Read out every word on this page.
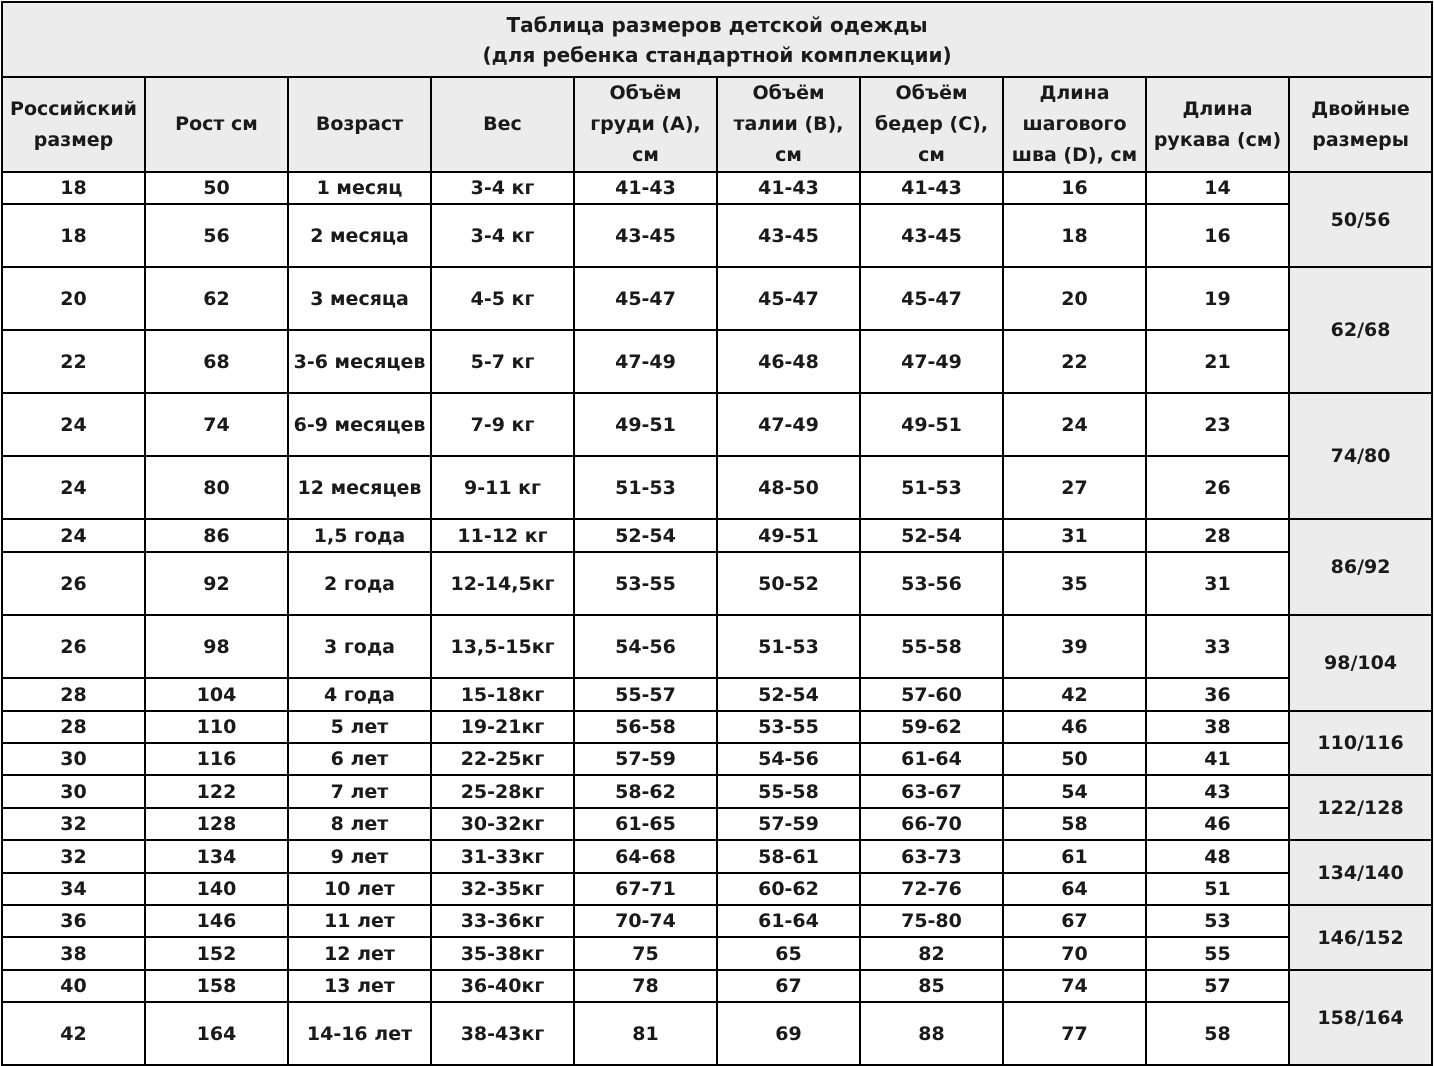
Таблица размеров детской одежды
(для ребенка стандартной комплекции)									

Российский размер	Рост см	Возраст	Вес	Объём груди (А), см	Объём талии (B), см	Объём бедер (С), см	Длина шагового шва (D), см	Длина рукава (см)	Двойные размеры
18	50	1 месяц	3-4 кг	41-43	41-43	41-43	16	14	50/56
18	56	2 месяца	3-4 кг	43-45	43-45	43-45	18	16	
20	62	3 месяца	4-5 кг	45-47	45-47	45-47	20	19	62/68
22	68	3-6 месяцев	5-7 кг	47-49	46-48	47-49	22	21	
24	74	6-9 месяцев	7-9 кг	49-51	47-49	49-51	24	23	74/80
24	80	12 месяцев	9-11 кг	51-53	48-50	51-53	27	26	
24	86	1,5 года	11-12 кг	52-54	49-51	52-54	31	28	86/92
26	92	2 года	12-14,5кг	53-55	50-52	53-56	35	31	
26	98	3 года	13,5-15кг	54-56	51-53	55-58	39	33	98/104
28	104	4 года	15-18кг	55-57	52-54	57-60	42	36	
28	110	5 лет	19-21кг	56-58	53-55	59-62	46	38	110/116
30	116	6 лет	22-25кг	57-59	54-56	61-64	50	41	
30	122	7 лет	25-28кг	58-62	55-58	63-67	54	43	122/128
32	128	8 лет	30-32кг	61-65	57-59	66-70	58	46	
32	134	9 лет	31-33кг	64-68	58-61	63-73	61	48	134/140
34	140	10 лет	32-35кг	67-71	60-62	72-76	64	51	
36	146	11 лет	33-36кг	70-74	61-64	75-80	67	53	146/152
38	152	12 лет	35-38кг	75	65	82	70	55	
40	158	13 лет	36-40кг	78	67	85	74	57	158/164
42	164	14-16 лет	38-43кг	81	69	88	77	58	
